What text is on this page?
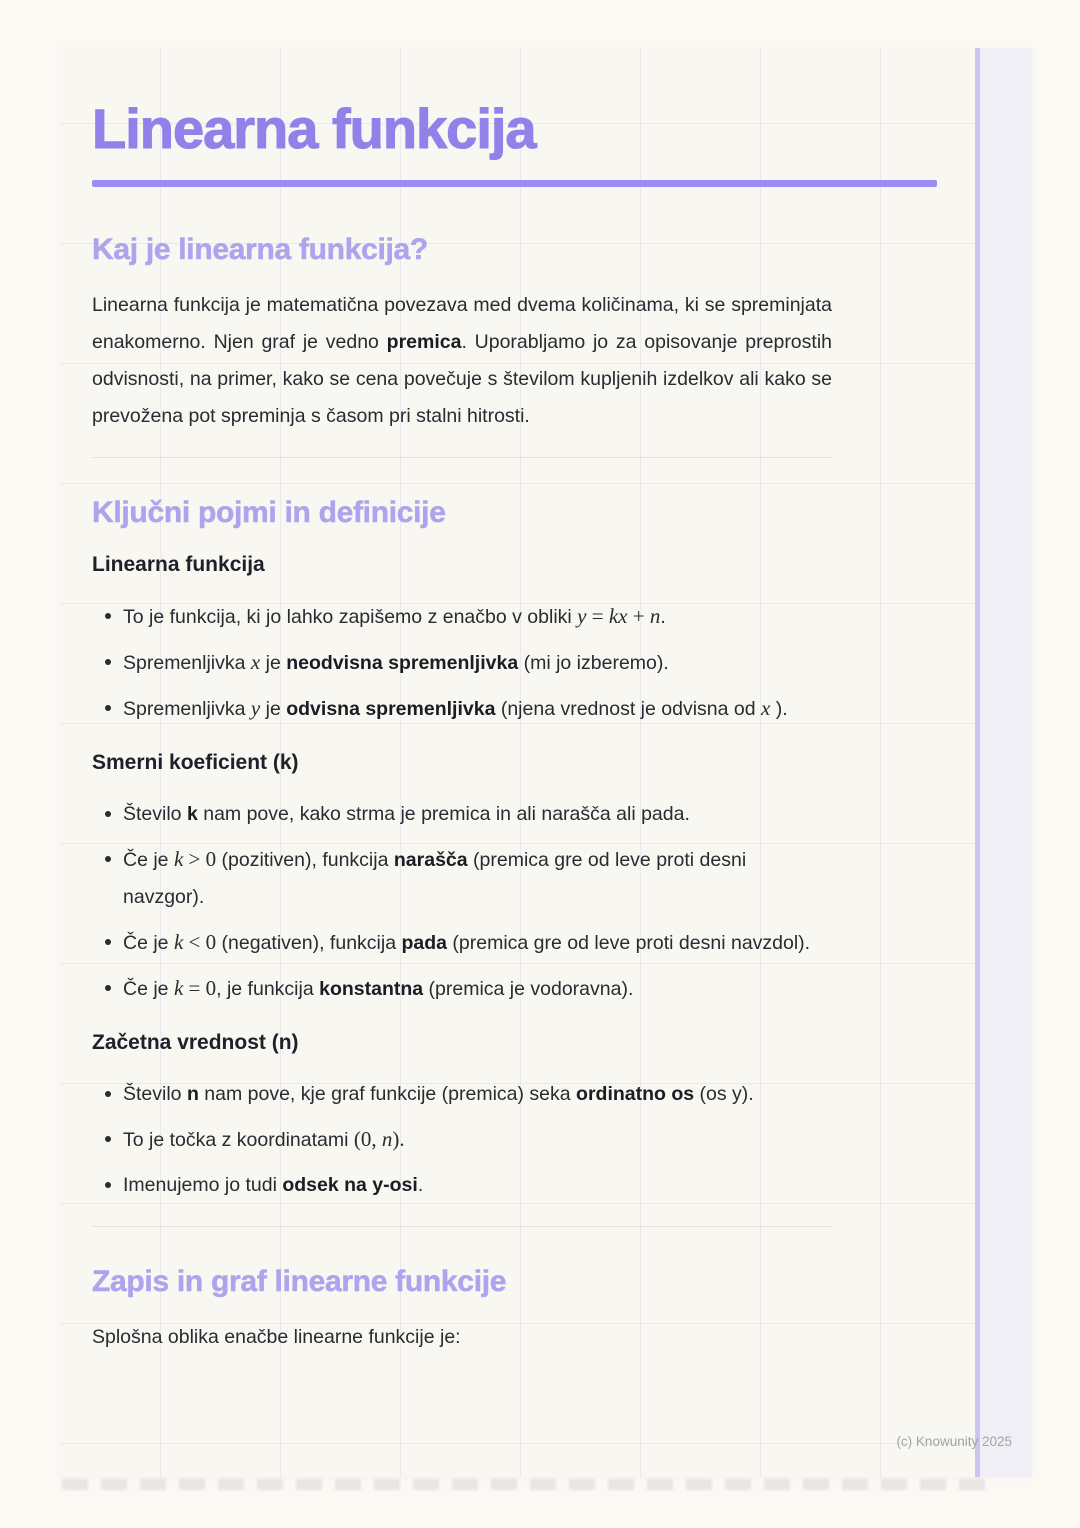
Linearna funkcija
Kaj je linearna funkcija?
Linearna funkcija je matematična povezava med dvema količinama, ki se spreminjata enakomerno. Njen graf je vedno premica. Uporabljamo jo za opisovanje preprostih odvisnosti, na primer, kako se cena povečuje s številom kupljenih izdelkov ali kako se prevožena pot spreminja s časom pri stalni hitrosti.
Ključni pojmi in definicije
Linearna funkcija
To je funkcija, ki jo lahko zapišemo z enačbo v obliki y = kx + n.
Spremenljivka x je neodvisna spremenljivka (mi jo izberemo).
Spremenljivka y je odvisna spremenljivka (njena vrednost je odvisna od x ).
Smerni koeficient (k)
Število k nam pove, kako strma je premica in ali narašča ali pada.
Če je k > 0 (pozitiven), funkcija narašča (premica gre od leve proti desni navzgor).
Če je k < 0 (negativen), funkcija pada (premica gre od leve proti desni navzdol).
Če je k = 0, je funkcija konstantna (premica je vodoravna).
Začetna vrednost (n)
Število n nam pove, kje graf funkcije (premica) seka ordinatno os (os y).
To je točka z koordinatami (0, n).
Imenujemo jo tudi odsek na y-osi.
Zapis in graf linearne funkcije
Splošna oblika enačbe linearne funkcije je:
(c) Knowunity 2025
